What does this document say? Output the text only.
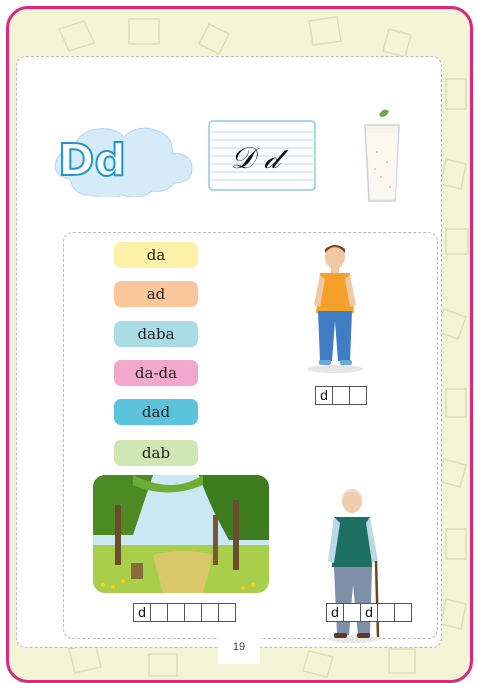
Dd	𝒟 𝒹
da
ad
daba
da-da
dad
dab
d
d	d	d
19
